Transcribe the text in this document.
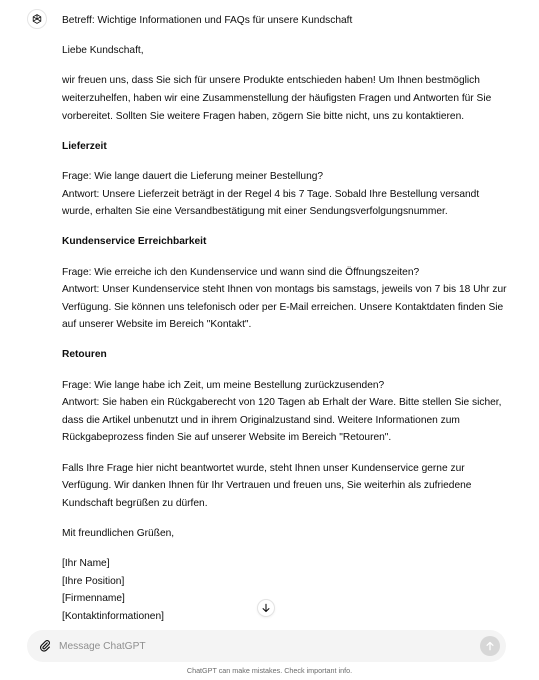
Betreff: Wichtige Informationen und FAQs für unsere Kundschaft

Liebe Kundschaft,

wir freuen uns, dass Sie sich für unsere Produkte entschieden haben! Um Ihnen bestmöglich
weiterzuhelfen, haben wir eine Zusammenstellung der häufigsten Fragen und Antworten für Sie
vorbereitet. Sollten Sie weitere Fragen haben, zögern Sie bitte nicht, uns zu kontaktieren.

Lieferzeit

Frage: Wie lange dauert die Lieferung meiner Bestellung?
Antwort: Unsere Lieferzeit beträgt in der Regel 4 bis 7 Tage. Sobald Ihre Bestellung versandt
wurde, erhalten Sie eine Versandbestätigung mit einer Sendungsverfolgungsnummer.

Kundenservice Erreichbarkeit

Frage: Wie erreiche ich den Kundenservice und wann sind die Öffnungszeiten?
Antwort: Unser Kundenservice steht Ihnen von montags bis samstags, jeweils von 7 bis 18 Uhr zur
Verfügung. Sie können uns telefonisch oder per E-Mail erreichen. Unsere Kontaktdaten finden Sie
auf unserer Website im Bereich "Kontakt".

Retouren

Frage: Wie lange habe ich Zeit, um meine Bestellung zurückzusenden?
Antwort: Sie haben ein Rückgaberecht von 120 Tagen ab Erhalt der Ware. Bitte stellen Sie sicher,
dass die Artikel unbenutzt und in ihrem Originalzustand sind. Weitere Informationen zum
Rückgabeprozess finden Sie auf unserer Website im Bereich "Retouren".

Falls Ihre Frage hier nicht beantwortet wurde, steht Ihnen unser Kundenservice gerne zur
Verfügung. Wir danken Ihnen für Ihr Vertrauen und freuen uns, Sie weiterhin als zufriedene
Kundschaft begrüßen zu dürfen.

Mit freundlichen Grüßen,

[Ihr Name]
[Ihre Position]
[Firmenname]
[Kontaktinformationen]

Message ChatGPT
ChatGPT can make mistakes. Check important info.
